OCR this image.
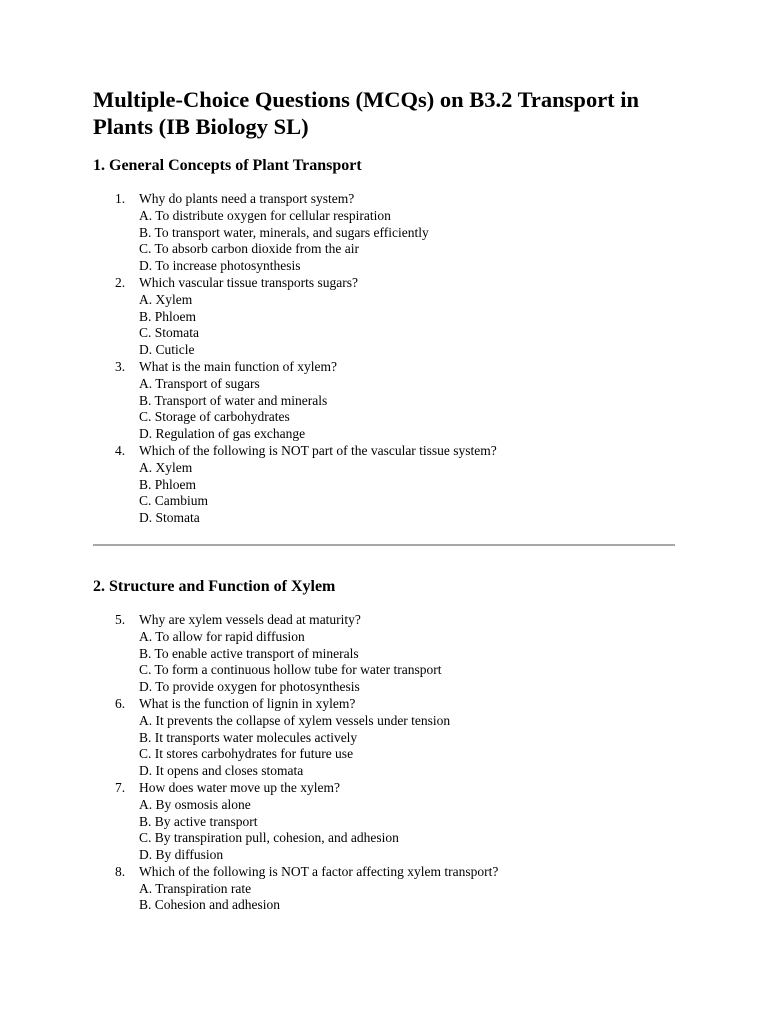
Multiple-Choice Questions (MCQs) on B3.2 Transport in Plants (IB Biology SL)
1. General Concepts of Plant Transport
1. Why do plants need a transport system?
A. To distribute oxygen for cellular respiration
B. To transport water, minerals, and sugars efficiently
C. To absorb carbon dioxide from the air
D. To increase photosynthesis
2. Which vascular tissue transports sugars?
A. Xylem
B. Phloem
C. Stomata
D. Cuticle
3. What is the main function of xylem?
A. Transport of sugars
B. Transport of water and minerals
C. Storage of carbohydrates
D. Regulation of gas exchange
4. Which of the following is NOT part of the vascular tissue system?
A. Xylem
B. Phloem
C. Cambium
D. Stomata
2. Structure and Function of Xylem
5. Why are xylem vessels dead at maturity?
A. To allow for rapid diffusion
B. To enable active transport of minerals
C. To form a continuous hollow tube for water transport
D. To provide oxygen for photosynthesis
6. What is the function of lignin in xylem?
A. It prevents the collapse of xylem vessels under tension
B. It transports water molecules actively
C. It stores carbohydrates for future use
D. It opens and closes stomata
7. How does water move up the xylem?
A. By osmosis alone
B. By active transport
C. By transpiration pull, cohesion, and adhesion
D. By diffusion
8. Which of the following is NOT a factor affecting xylem transport?
A. Transpiration rate
B. Cohesion and adhesion
